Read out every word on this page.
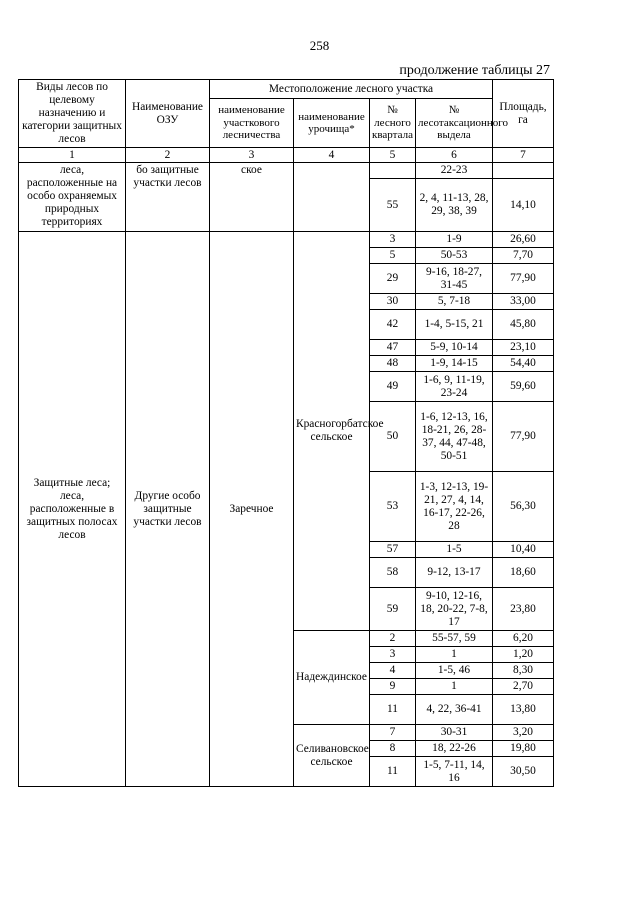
258
продолжение таблицы 27
Виды лесов по целевому назначению и категории защитных лесов	Наименование ОЗУ	Местоположение лесного участка				Площадь, га
		наименование участкового лесничества	наименование урочища*	№ лесного квартала	№ лесотаксационного выдела	
1	2	3	4	5	6	7
леса, расположенные на особо охраняемых природных территориях	бо защитные участки лесов	ское			22-23	
				55	2, 4, 11-13, 28, 29, 38, 39	14,10
Защитные леса; леса, расположенные в защитных полосах лесов	Другие особо защитные участки лесов	Заречное	Красногорбатское сельское	3	1-9	26,60
				5	50-53	7,70
				29	9-16, 18-27, 31-45	77,90
				30	5, 7-18	33,00
				42	1-4, 5-15, 21	45,80
				47	5-9, 10-14	23,10
				48	1-9, 14-15	54,40
				49	1-6, 9, 11-19, 23-24	59,60
				50	1-6, 12-13, 16, 18-21, 26, 28-37, 44, 47-48, 50-51	77,90
				53	1-3, 12-13, 19-21, 27, 4, 14, 16-17, 22-26, 28	56,30
				57	1-5	10,40
				58	9-12, 13-17	18,60
				59	9-10, 12-16, 18, 20-22, 7-8, 17	23,80
			Надеждинское	2	55-57, 59	6,20
				3	1	1,20
				4	1-5, 46	8,30
				9	1	2,70
				11	4, 22, 36-41	13,80
			Селивановское сельское	7	30-31	3,20
				8	18, 22-26	19,80
				11	1-5, 7-11, 14, 16	30,50
